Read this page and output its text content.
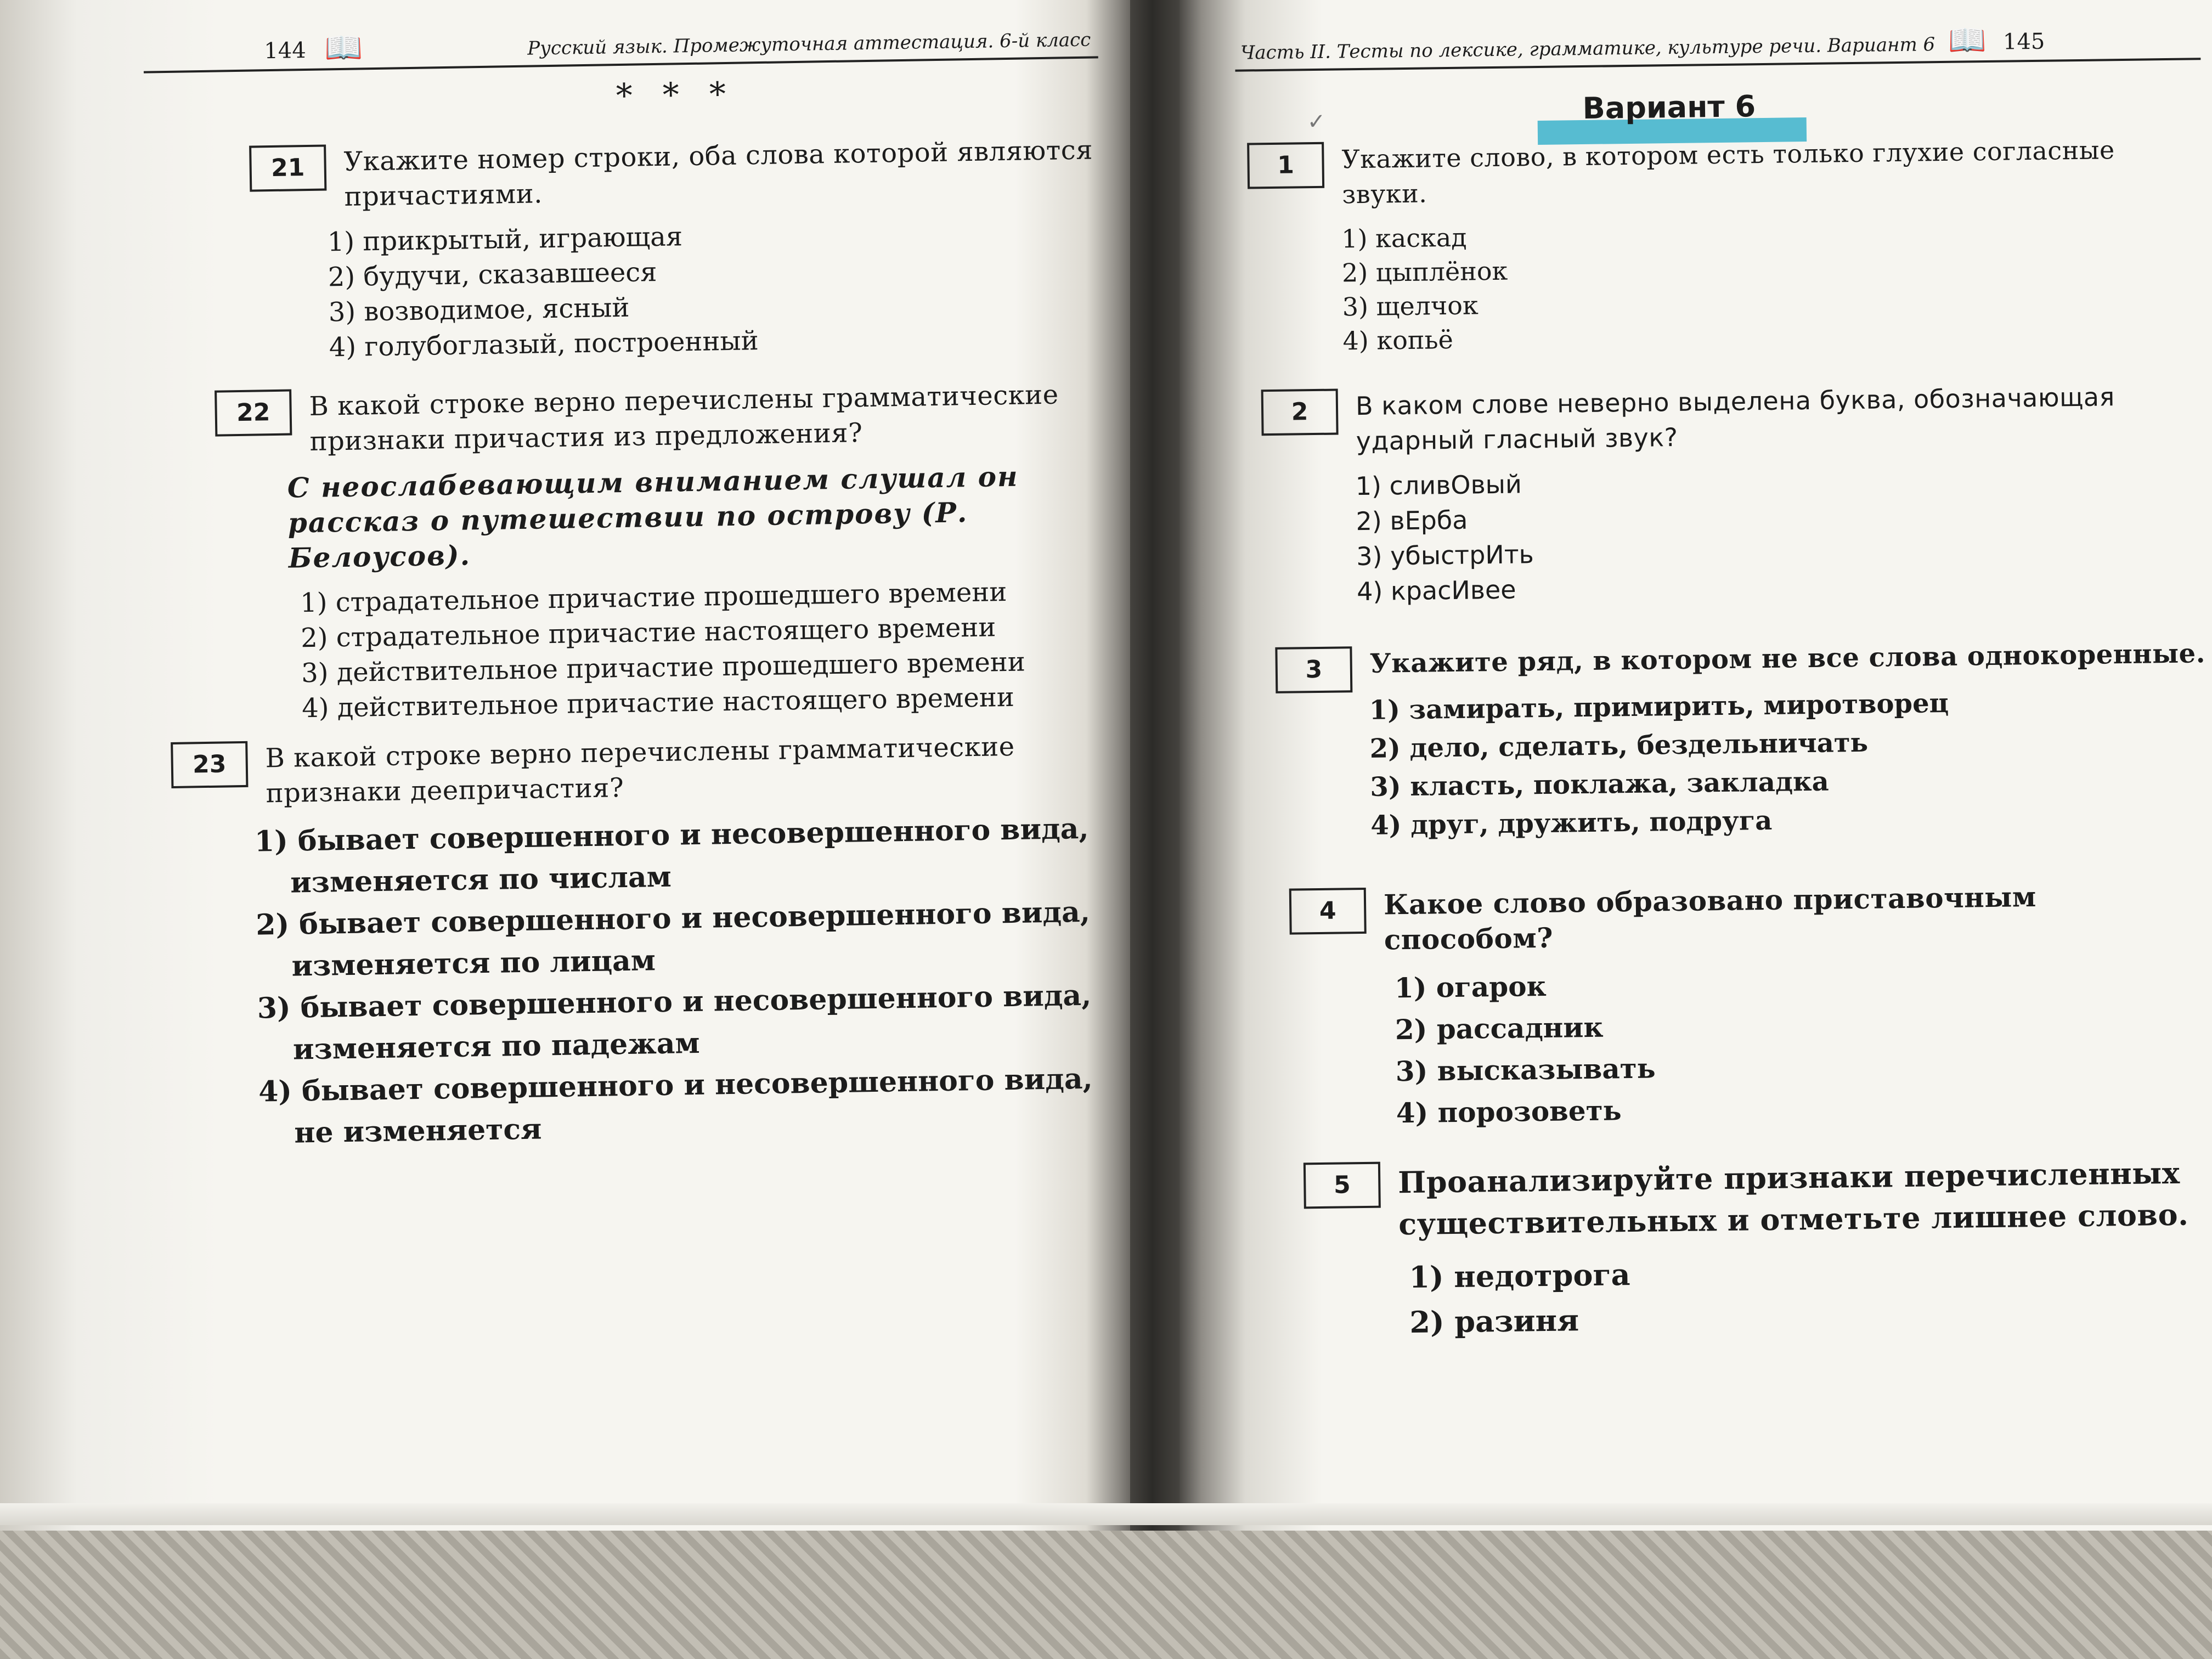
144 📖	Русский язык. Промежуточная аттестация. 6-й класс
* * *
21	Укажите номер строки, оба слова которой являются причастиями.
1) прикрытый, играющая
2) будучи, сказавшееся
3) возводимое, ясный
4) голубоглазый, построенный
22	В какой строке верно перечислены грамматические признаки причастия из предложения?
С неослабевающим вниманием слушал он рассказ о путешествии по острову (Р. Белоусов).
1) страдательное причастие прошедшего времени
2) страдательное причастие настоящего времени
3) действительное причастие прошедшего времени
4) действительное причастие настоящего времени
23	В какой строке верно перечислены грамматические признаки деепричастия?
1) бывает совершенного и несовершенного вида, изменяется по числам
2) бывает совершенного и несовершенного вида, изменяется по лицам
3) бывает совершенного и несовершенного вида, изменяется по падежам
4) бывает совершенного и несовершенного вида, не изменяется
Часть II. Тесты по лексике, грамматике, культуре речи. Вариант 6 📖 145
Вариант 6
✓
1	Укажите слово, в котором есть только глухие согласные звуки.
1) каскад
2) цыплёнок
3) щелчок
4) копьё
2	В каком слове неверно выделена буква, обозначающая ударный гласный звук?
1) сливОвый
2) вЕрба
3) убыстрИть
4) красИвее
3	Укажите ряд, в котором не все слова однокоренные.
1) замирать, примирить, миротворец
2) дело, сделать, бездельничать
3) класть, поклажа, закладка
4) друг, дружить, подруга
4	Какое слово образовано приставочным способом?
1) огарок
2) рассадник
3) высказывать
4) порозоветь
5	Проанализируйте признаки перечисленных существительных и отметьте лишнее слово.
1) недотрога
2) разиня
